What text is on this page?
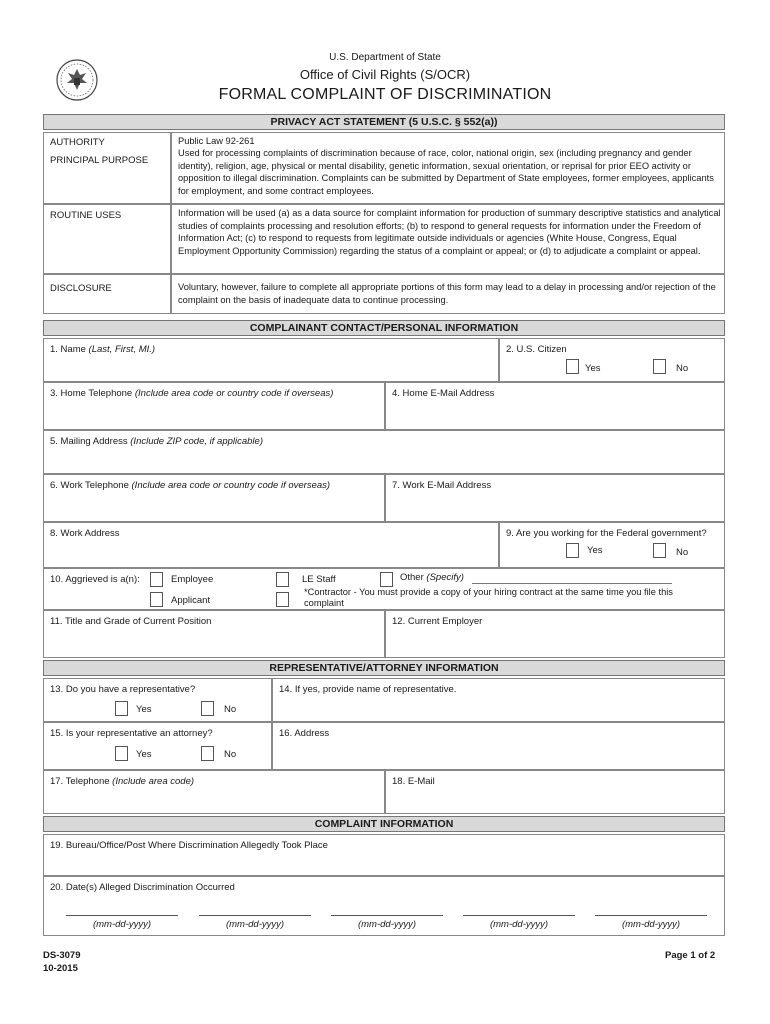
U.S. Department of State
Office of Civil Rights (S/OCR)
FORMAL COMPLAINT OF DISCRIMINATION
PRIVACY ACT STATEMENT (5 U.S.C. § 552(a))
AUTHORITY
PRINCIPAL PURPOSE
Public Law 92-261
Used for processing complaints of discrimination because of race, color, national origin, sex (including pregnancy and gender identity), religion, age, physical or mental disability, genetic information, sexual orientation, or reprisal for prior EEO activity or opposition to illegal discrimination. Complaints can be submitted by Department of State employees, former employees, applicants for employment, and some contract employees.
ROUTINE USES	Information will be used (a) as a data source for complaint information for production of summary descriptive statistics and analytical studies of complaints processing and resolution efforts; (b) to respond to general requests for information under the Freedom of Information Act; (c) to respond to requests from legitimate outside individuals or agencies (White House, Congress, Equal Employment Opportunity Commission) regarding the status of a complaint or appeal; or (d) to adjudicate a complaint or appeal.
DISCLOSURE	Voluntary, however, failure to complete all appropriate portions of this form may lead to a delay in processing and/or rejection of the complaint on the basis of inadequate data to continue processing.
COMPLAINANT CONTACT/PERSONAL INFORMATION
1. Name (Last, First, MI.)	2. U.S. Citizen
Yes	No
3. Home Telephone (Include area code or country code if overseas)	4. Home E-Mail Address
5. Mailing Address (Include ZIP code, if applicable)
6. Work Telephone (Include area code or country code if overseas)	7. Work E-Mail Address
8. Work Address	9. Are you working for the Federal government?
Yes	No
10. Aggrieved is a(n):	Employee
Applicant
LE Staff
*Contractor - You must provide a copy of your hiring contract at the same time you file this complaint
Other (Specify)
11. Title and Grade of Current Position	12. Current Employer
REPRESENTATIVE/ATTORNEY INFORMATION
13. Do you have a representative?
Yes	No
14. If yes, provide name of representative.
15. Is your representative an attorney?
Yes	No
16. Address
17. Telephone (Include area code)	18. E-Mail
COMPLAINT INFORMATION
19. Bureau/Office/Post Where Discrimination Allegedly Took Place
20. Date(s) Alleged Discrimination Occurred
(mm-dd-yyyy)	(mm-dd-yyyy)	(mm-dd-yyyy)	(mm-dd-yyyy)	(mm-dd-yyyy)
DS-3079
10-2015
Page 1 of 2
